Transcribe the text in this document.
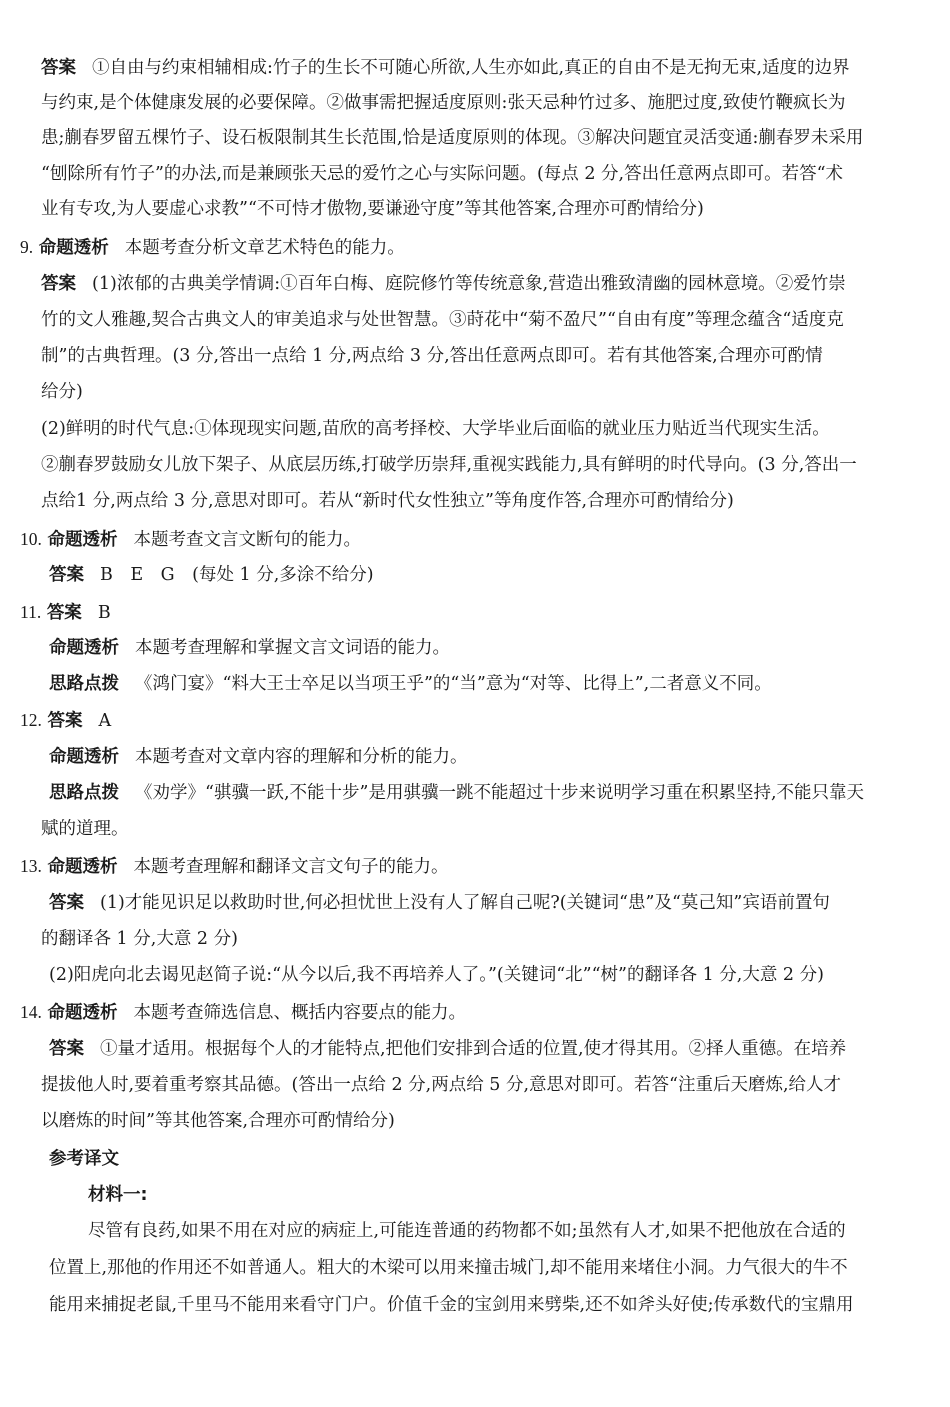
答案 ①自由与约束相辅相成:竹子的生长不可随心所欲,人生亦如此,真正的自由不是无拘无束,适度的边界
与约束,是个体健康发展的必要保障。②做事需把握适度原则:张天忌种竹过多、施肥过度,致使竹鞭疯长为
患;蒯春罗留五棵竹子、设石板限制其生长范围,恰是适度原则的体现。③解决问题宜灵活变通:蒯春罗未采用
“刨除所有竹子”的办法,而是兼顾张天忌的爱竹之心与实际问题。(每点 2 分,答出任意两点即可。若答“术
业有专攻,为人要虚心求教”“不可恃才傲物,要谦逊守度”等其他答案,合理亦可酌情给分)
9. 命题透析 本题考查分析文章艺术特色的能力。
答案 (1)浓郁的古典美学情调:①百年白梅、庭院修竹等传统意象,营造出雅致清幽的园林意境。②爱竹崇
竹的文人雅趣,契合古典文人的审美追求与处世智慧。③莳花中“菊不盈尺”“自由有度”等理念蕴含“适度克
制”的古典哲理。(3 分,答出一点给 1 分,两点给 3 分,答出任意两点即可。若有其他答案,合理亦可酌情
给分)
(2)鲜明的时代气息:①体现现实问题,苗欣的高考择校、大学毕业后面临的就业压力贴近当代现实生活。
②蒯春罗鼓励女儿放下架子、从底层历练,打破学历崇拜,重视实践能力,具有鲜明的时代导向。(3 分,答出一
点给1 分,两点给 3 分,意思对即可。若从“新时代女性独立”等角度作答,合理亦可酌情给分)
10. 命题透析 本题考查文言文断句的能力。
答案 B　E　G　(每处 1 分,多涂不给分)
11. 答案 B
命题透析 本题考查理解和掌握文言文词语的能力。
思路点拨 《鸿门宴》“料大王士卒足以当项王乎”的“当”意为“对等、比得上”,二者意义不同。
12. 答案 A
命题透析 本题考查对文章内容的理解和分析的能力。
思路点拨 《劝学》“骐骥一跃,不能十步”是用骐骥一跳不能超过十步来说明学习重在积累坚持,不能只靠天
赋的道理。
13. 命题透析 本题考查理解和翻译文言文句子的能力。
答案 (1)才能见识足以救助时世,何必担忧世上没有人了解自己呢?(关键词“患”及“莫己知”宾语前置句
的翻译各 1 分,大意 2 分)
(2)阳虎向北去谒见赵简子说:“从今以后,我不再培养人了。”(关键词“北”“树”的翻译各 1 分,大意 2 分)
14. 命题透析 本题考查筛选信息、概括内容要点的能力。
答案 ①量才适用。根据每个人的才能特点,把他们安排到合适的位置,使才得其用。②择人重德。在培养
提拔他人时,要着重考察其品德。(答出一点给 2 分,两点给 5 分,意思对即可。若答“注重后天磨炼,给人才
以磨炼的时间”等其他答案,合理亦可酌情给分)
参考译文
材料一:
尽管有良药,如果不用在对应的病症上,可能连普通的药物都不如;虽然有人才,如果不把他放在合适的
位置上,那他的作用还不如普通人。粗大的木梁可以用来撞击城门,却不能用来堵住小洞。力气很大的牛不
能用来捕捉老鼠,千里马不能用来看守门户。价值千金的宝剑用来劈柴,还不如斧头好使;传承数代的宝鼎用
